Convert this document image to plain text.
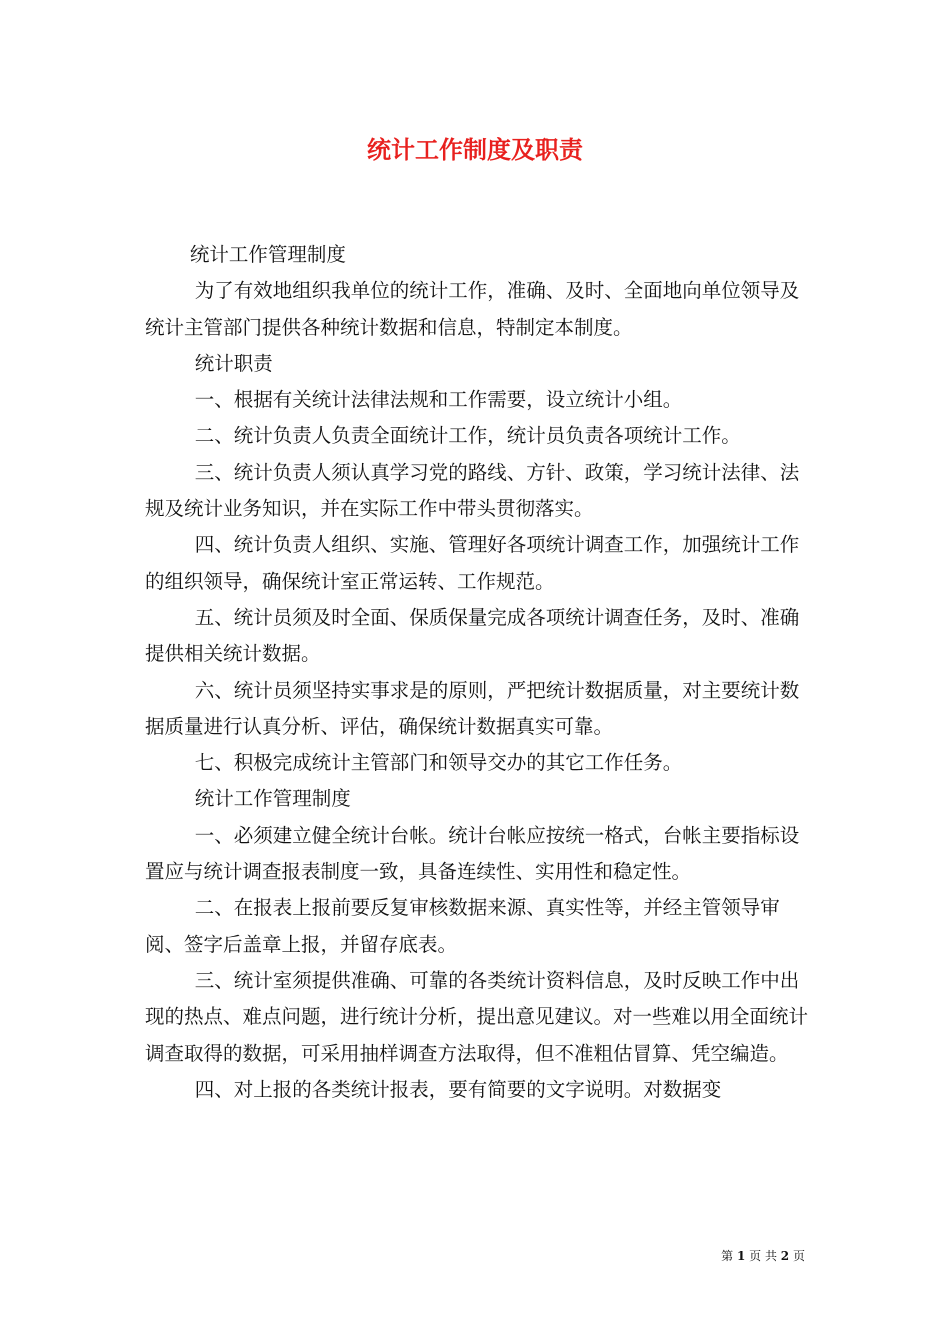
统计工作制度及职责

统计工作管理制度

为了有效地组织我单位的统计工作，准确、及时、全面地向单位领导及统计主管部门提供各种统计数据和信息，特制定本制度。

统计职责

一、根据有关统计法律法规和工作需要，设立统计小组。

二、统计负责人负责全面统计工作，统计员负责各项统计工作。

三、统计负责人须认真学习党的路线、方针、政策，学习统计法律、法规及统计业务知识，并在实际工作中带头贯彻落实。

四、统计负责人组织、实施、管理好各项统计调查工作，加强统计工作的组织领导，确保统计室正常运转、工作规范。

五、统计员须及时全面、保质保量完成各项统计调查任务，及时、准确提供相关统计数据。

六、统计员须坚持实事求是的原则，严把统计数据质量，对主要统计数据质量进行认真分析、评估，确保统计数据真实可靠。

七、积极完成统计主管部门和领导交办的其它工作任务。

统计工作管理制度

一、必须建立健全统计台帐。统计台帐应按统一格式，台帐主要指标设置应与统计调查报表制度一致，具备连续性、实用性和稳定性。

二、在报表上报前要反复审核数据来源、真实性等，并经主管领导审阅、签字后盖章上报，并留存底表。

三、统计室须提供准确、可靠的各类统计资料信息，及时反映工作中出现的热点、难点问题，进行统计分析，提出意见建议。对一些难以用全面统计调查取得的数据，可采用抽样调查方法取得，但不准粗估冒算、凭空编造。

四、对上报的各类统计报表，要有简要的文字说明。对数据变

第 1 页 共 2 页
